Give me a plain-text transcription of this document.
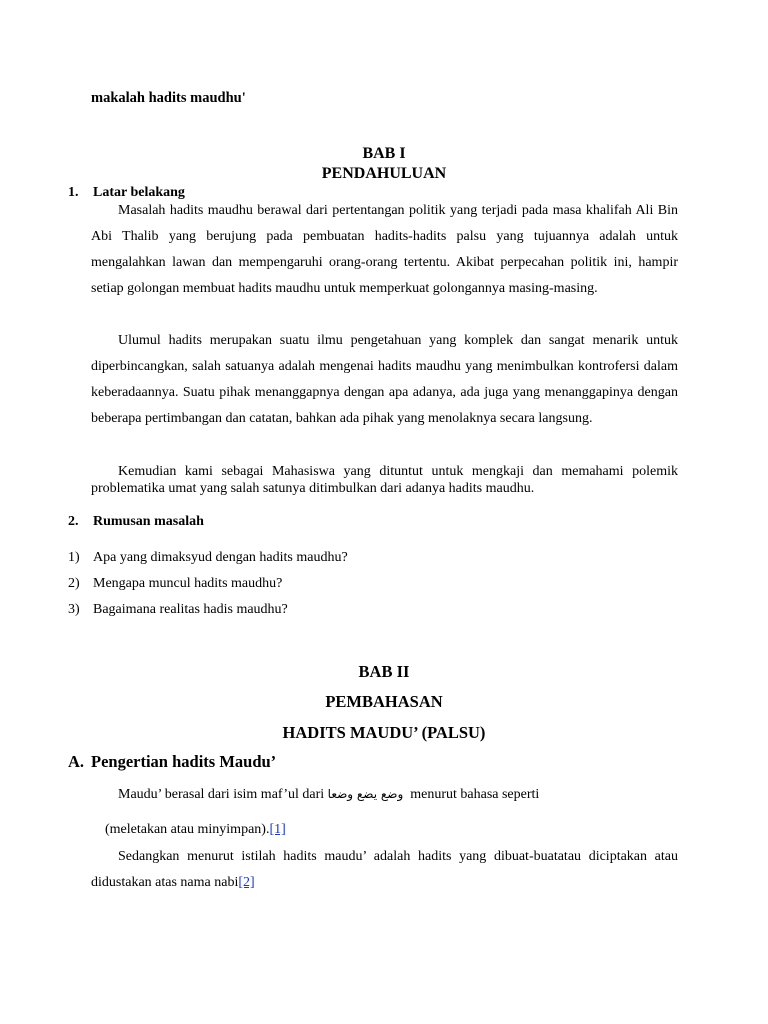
makalah hadits maudhu'
BAB I
PENDAHULUAN
1. Latar belakang
Masalah hadits maudhu berawal dari pertentangan politik yang terjadi pada masa khalifah Ali Bin Abi Thalib yang berujung pada pembuatan hadits-hadits palsu yang tujuannya adalah untuk mengalahkan lawan dan mempengaruhi orang-orang tertentu. Akibat perpecahan politik ini, hampir setiap golongan membuat hadits maudhu untuk memperkuat golongannya masing-masing.
Ulumul hadits merupakan suatu ilmu pengetahuan yang komplek dan sangat menarik untuk diperbincangkan, salah satuanya adalah mengenai hadits maudhu yang menimbulkan kontrofersi dalam keberadaannya. Suatu pihak menanggapnya dengan apa adanya, ada juga yang menanggapinya dengan beberapa pertimbangan dan catatan, bahkan ada pihak yang menolaknya secara langsung.
Kemudian kami sebagai Mahasiswa yang dituntut untuk mengkaji dan memahami polemik problematika umat yang salah satunya ditimbulkan dari adanya hadits maudhu.
2. Rumusan masalah
1) Apa yang dimaksyud dengan hadits maudhu?
2) Mengapa muncul hadits maudhu?
3) Bagaimana realitas hadis maudhu?
BAB II
PEMBAHASAN
HADITS MAUDU’ (PALSU)
A. Pengertian hadits Maudu’
Maudu’ berasal dari isim maf’ul dari وضع يضع وضعا menurut bahasa seperti
(meletakan atau minyimpan).[1]
Sedangkan menurut istilah hadits maudu’ adalah hadits yang dibuat-buatatau diciptakan atau didustakan atas nama nabi[2]
